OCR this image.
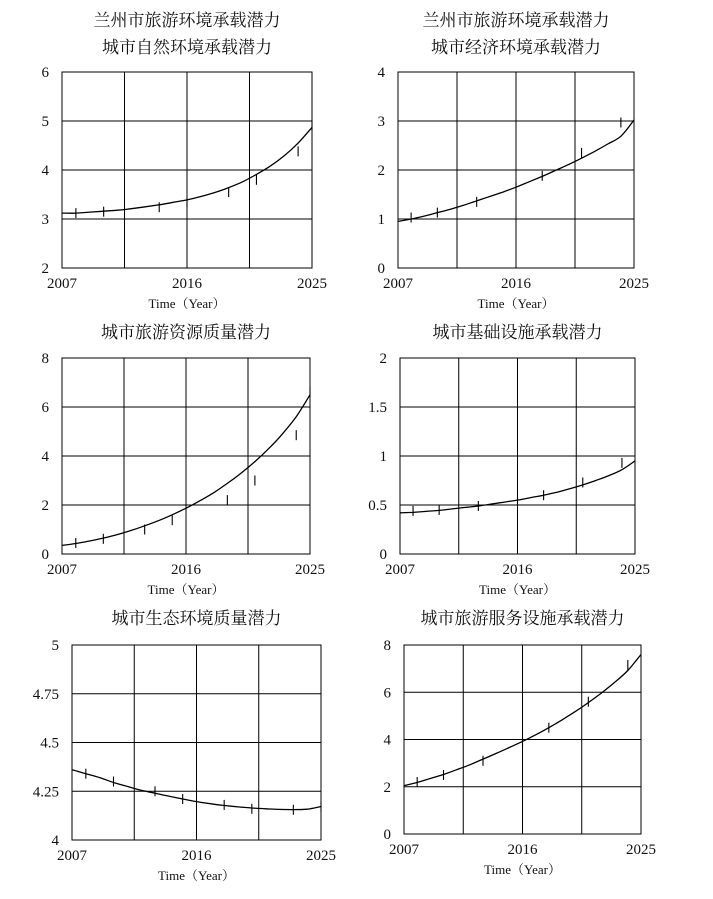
兰州市旅游环境承载潜力
城市自然环境承载潜力
2
3
4
5
6
2007	2016	2025
Time（Year）
兰州市旅游环境承载潜力
城市经济环境承载潜力
0
1
2
3
4
2007	2016	2025
Time（Year）
城市旅游资源质量潜力
0
2
4
6
8
2007	2016	2025
Time（Year）
城市基础设施承载潜力
0
0.5
1
1.5
2
2007	2016	2025
Time（Year）
城市生态环境质量潜力
4
4.25
4.5
4.75
5
2007	2016	2025
Time（Year）
城市旅游服务设施承载潜力
0
2
4
6
8
2007	2016	2025
Time（Year）
